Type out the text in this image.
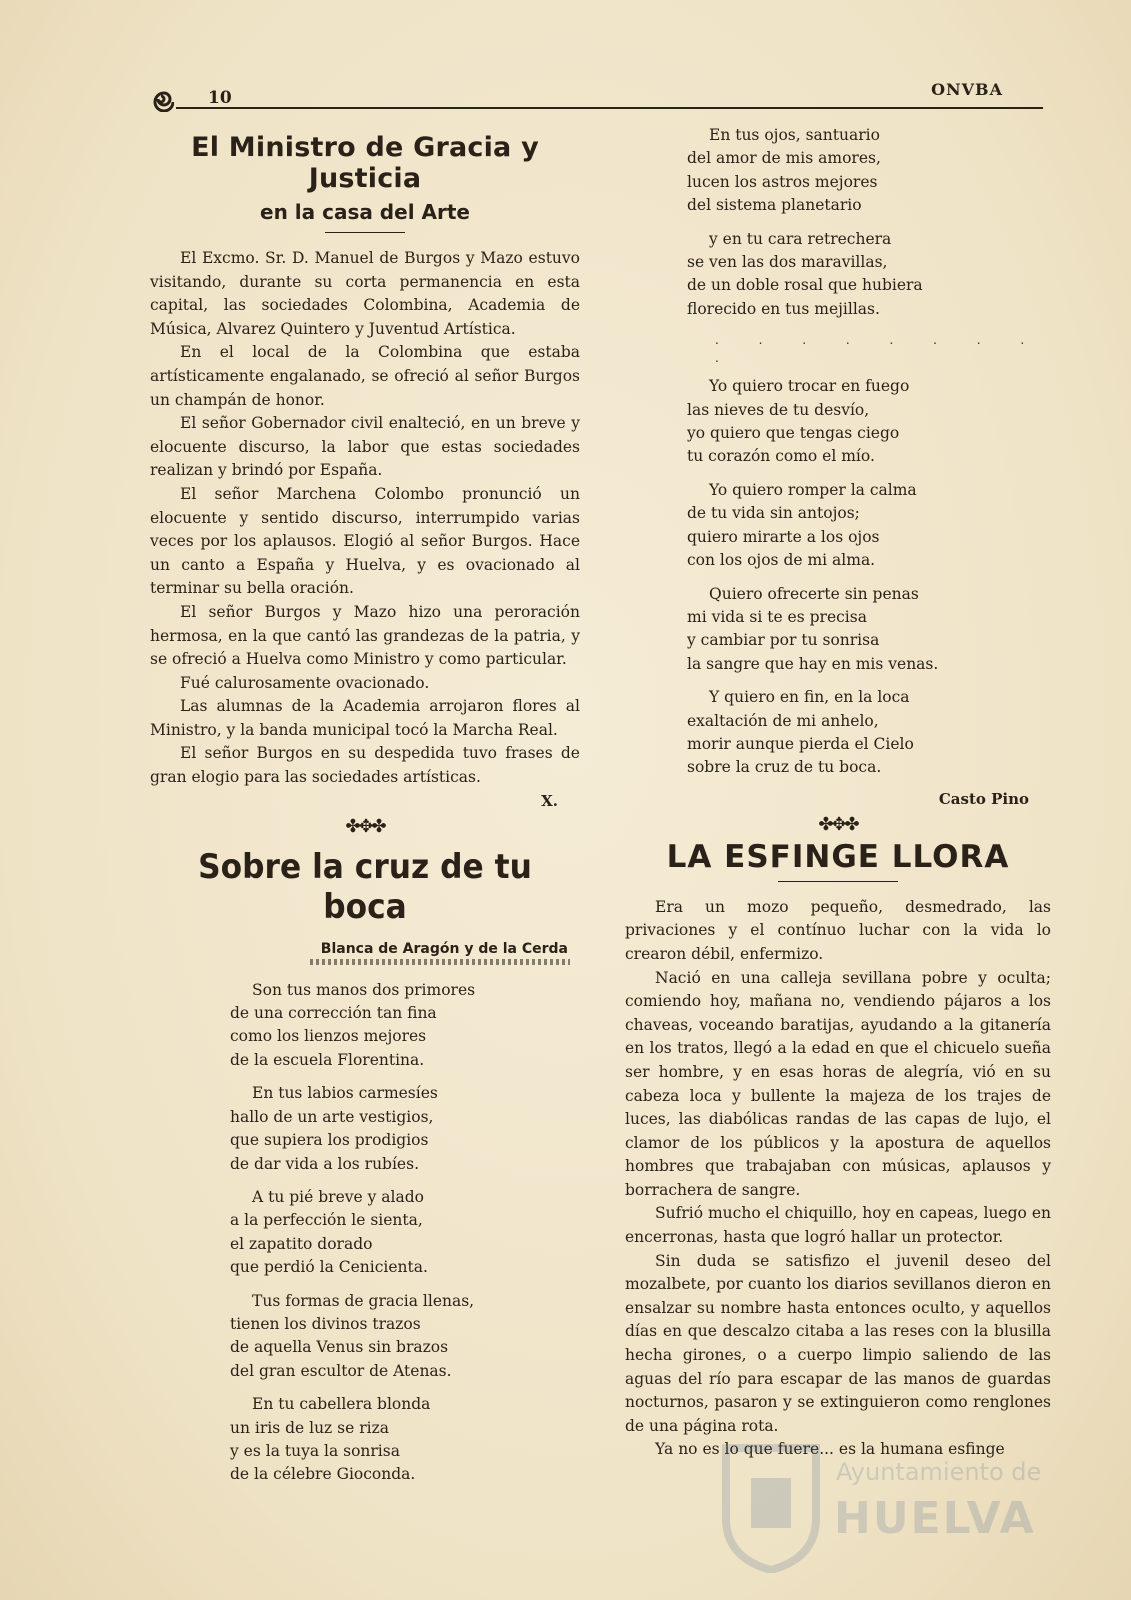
10	ONVBA
El Ministro de Gracia y Justicia
en la casa del Arte

El Excmo. Sr. D. Manuel de Burgos y Mazo estuvo visitando, durante su corta permanencia en esta capital, las sociedades Colombina, Academia de Música, Alvarez Quintero y Juventud Artística.

En el local de la Colombina que estaba artísticamente engalanado, se ofreció al señor Burgos un champán de honor.

El señor Gobernador civil enalteció, en un breve y elocuente discurso, la labor que estas sociedades realizan y brindó por España.

El señor Marchena Colombo pronunció un elocuente y sentido discurso, interrumpido varias veces por los aplausos. Elogió al señor Burgos. Hace un canto a España y Huelva, y es ovacionado al terminar su bella oración.

El señor Burgos y Mazo hizo una peroración hermosa, en la que cantó las grandezas de la patria, y se ofreció a Huelva como Ministro y como particular.

Fué calurosamente ovacionado.

Las alumnas de la Academia arrojaron flores al Ministro, y la banda municipal tocó la Marcha Real.

El señor Burgos en su despedida tuvo frases de gran elogio para las sociedades artísticas.

X.
✤✥✤
Sobre la cruz de tu boca
Blanca de Aragón y de la Cerda
Son tus manos dos primores
de una corrección tan fina
como los lienzos mejores
de la escuela Florentina.
En tus labios carmesíes
hallo de un arte vestigios,
que supiera los prodigios
de dar vida a los rubíes.
A tu pié breve y alado
a la perfección le sienta,
el zapatito dorado
que perdió la Cenicienta.
Tus formas de gracia llenas,
tienen los divinos trazos
de aquella Venus sin brazos
del gran escultor de Atenas.
En tu cabellera blonda
un iris de luz se riza
y es la tuya la sonrisa
de la célebre Gioconda.
En tus ojos, santuario
del amor de mis amores,
lucen los astros mejores
del sistema planetario
y en tu cara retrechera
se ven las dos maravillas,
de un doble rosal que hubiera
florecido en tus mejillas.
. . . . . . . . .
Yo quiero trocar en fuego
las nieves de tu desvío,
yo quiero que tengas ciego
tu corazón como el mío.
Yo quiero romper la calma
de tu vida sin antojos;
quiero mirarte a los ojos
con los ojos de mi alma.
Quiero ofrecerte sin penas
mi vida si te es precisa
y cambiar por tu sonrisa
la sangre que hay en mis venas.
Y quiero en fin, en la loca
exaltación de mi anhelo,
morir aunque pierda el Cielo
sobre la cruz de tu boca.
Casto Pino
✤✥✤
LA ESFINGE LLORA

Era un mozo pequeño, desmedrado, las privaciones y el contínuo luchar con la vida lo crearon débil, enfermizo.

Nació en una calleja sevillana pobre y oculta; comiendo hoy, mañana no, vendiendo pájaros a los chaveas, voceando baratijas, ayudando a la gitanería en los tratos, llegó a la edad en que el chicuelo sueña ser hombre, y en esas horas de alegría, vió en su cabeza loca y bullente la majeza de los trajes de luces, las diabólicas randas de las capas de lujo, el clamor de los públicos y la apostura de aquellos hombres que trabajaban con músicas, aplausos y borrachera de sangre.

Sufrió mucho el chiquillo, hoy en capeas, luego en encerronas, hasta que logró hallar un protector.

Sin duda se satisfizo el juvenil deseo del mozalbete, por cuanto los diarios sevillanos dieron en ensalzar su nombre hasta entonces oculto, y aquellos días en que descalzo citaba a las reses con la blusilla hecha girones, o a cuerpo limpio saliendo de las aguas del río para escapar de las manos de guardas nocturnos, pasaron y se extinguieron como renglones de una página rota.

Ya no es lo que fuere... es la humana esfinge

Ayuntamiento de
HUELVA
